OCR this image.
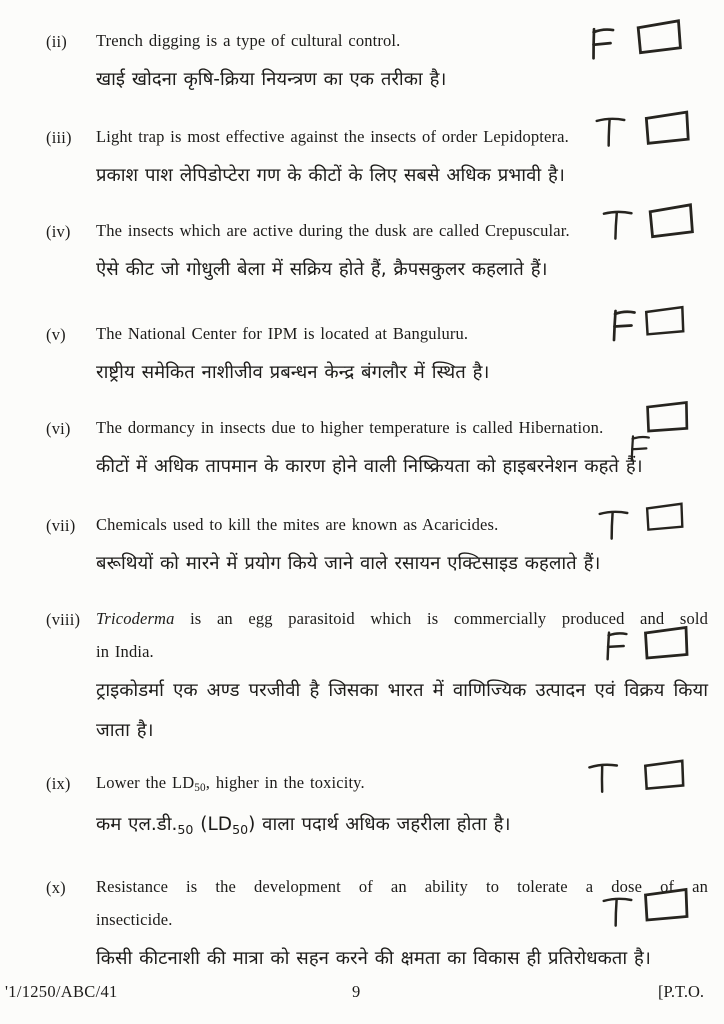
(ii) Trench digging is a type of cultural control.
खाई खोदना कृषि-क्रिया नियन्त्रण का एक तरीका है।
(iii) Light trap is most effective against the insects of order Lepidoptera.
प्रकाश पाश लेपिडोप्टेरा गण के कीटों के लिए सबसे अधिक प्रभावी है।
(iv) The insects which are active during the dusk are called Crepuscular.
ऐसे कीट जो गोधुली बेला में सक्रिय होते हैं, क्रैपसकुलर कहलाते हैं।
(v) The National Center for IPM is located at Banguluru.
राष्ट्रीय समेकित नाशीजीव प्रबन्धन केन्द्र बंगलौर में स्थित है।
(vi) The dormancy in insects due to higher temperature is called Hibernation.
कीटों में अधिक तापमान के कारण होने वाली निष्क्रियता को हाइबरनेशन कहते हैं।
(vii) Chemicals used to kill the mites are known as Acaricides.
बरूथियों को मारने में प्रयोग किये जाने वाले रसायन एक्टिसाइड कहलाते हैं।
(viii) Tricoderma is an egg parasitoid which is commercially produced and sold
in India.
ट्राइकोडर्मा एक अण्ड परजीवी है जिसका भारत में वाणिज्यिक उत्पादन एवं विक्रय किया
जाता है।
(ix) Lower the $LD_{50}$, higher in the toxicity.
कम $एल.डी._{50}$ $(LD_{50})$ वाला पदार्थ अधिक जहरीला होता है।
(x) Resistance is the development of an ability to tolerate a dose of an
insecticide.
किसी कीटनाशी की मात्रा को सहन करने की क्षमता का विकास ही प्रतिरोधकता है।
'1/1250/ABC/41	9	[P.T.O.
